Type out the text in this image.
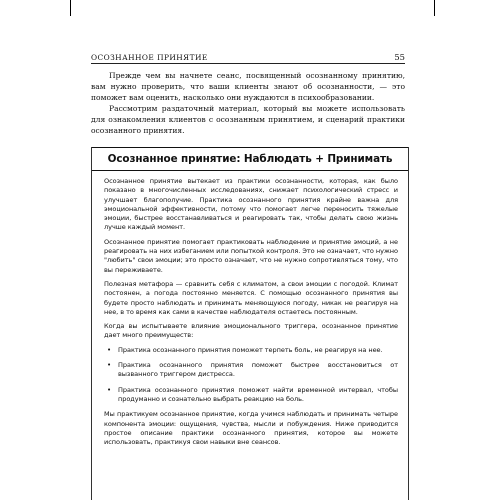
ОСОЗНАННОЕ ПРИНЯТИЕ	55

Прежде чем вы начнете сеанс, посвященный осознанному принятию, вам нужно проверить, что ваши клиенты знают об осознанности, — это поможет вам оценить, насколько они нуждаются в психообразовании.

Рассмотрим раздаточный материал, который вы можете использовать для ознакомления клиентов с осознанным принятием, и сценарий практики осознанного принятия.

Осознанное принятие: Наблюдать + Принимать

Осознанное принятие вытекает из практики осознанности, которая, как было показано в многочисленных исследованиях, снижает психологический стресс и улучшает благополучие. Практика осознанного принятия крайне важна для эмоциональной эффективности, потому что помогает легче переносить тяжелые эмоции, быстрее восстанавливаться и реагировать так, чтобы делать свою жизнь лучше каждый момент.

Осознанное принятие помогает практиковать наблюдение и принятие эмоций, а не реагировать на них избеганием или попыткой контроля. Это не означает, что нужно "любить" свои эмоции; это просто означает, что не нужно сопротивляться тому, что вы переживаете.

Полезная метафора — сравнить себя с климатом, а свои эмоции с погодой. Климат постоянен, а погода постоянно меняется. С помощью осознанного принятия вы будете просто наблюдать и принимать меняющуюся погоду, никак не реагируя на нее, в то время как сами в качестве наблюдателя остаетесь постоянным.

Когда вы испытываете влияние эмоционального триггера, осознанное принятие дает много преимуществ:

• Практика осознанного принятия поможет терпеть боль, не реагируя на нее.
• Практика осознанного принятия поможет быстрее восстановиться от вызванного триггером дистресса.
• Практика осознанного принятия поможет найти временной интервал, чтобы продуманно и сознательно выбрать реакцию на боль.

Мы практикуем осознанное принятие, когда учимся наблюдать и принимать четыре компонента эмоции: ощущения, чувства, мысли и побуждения. Ниже приводится простое описание практики осознанного принятия, которое вы можете использовать, практикуя свои навыки вне сеансов.
